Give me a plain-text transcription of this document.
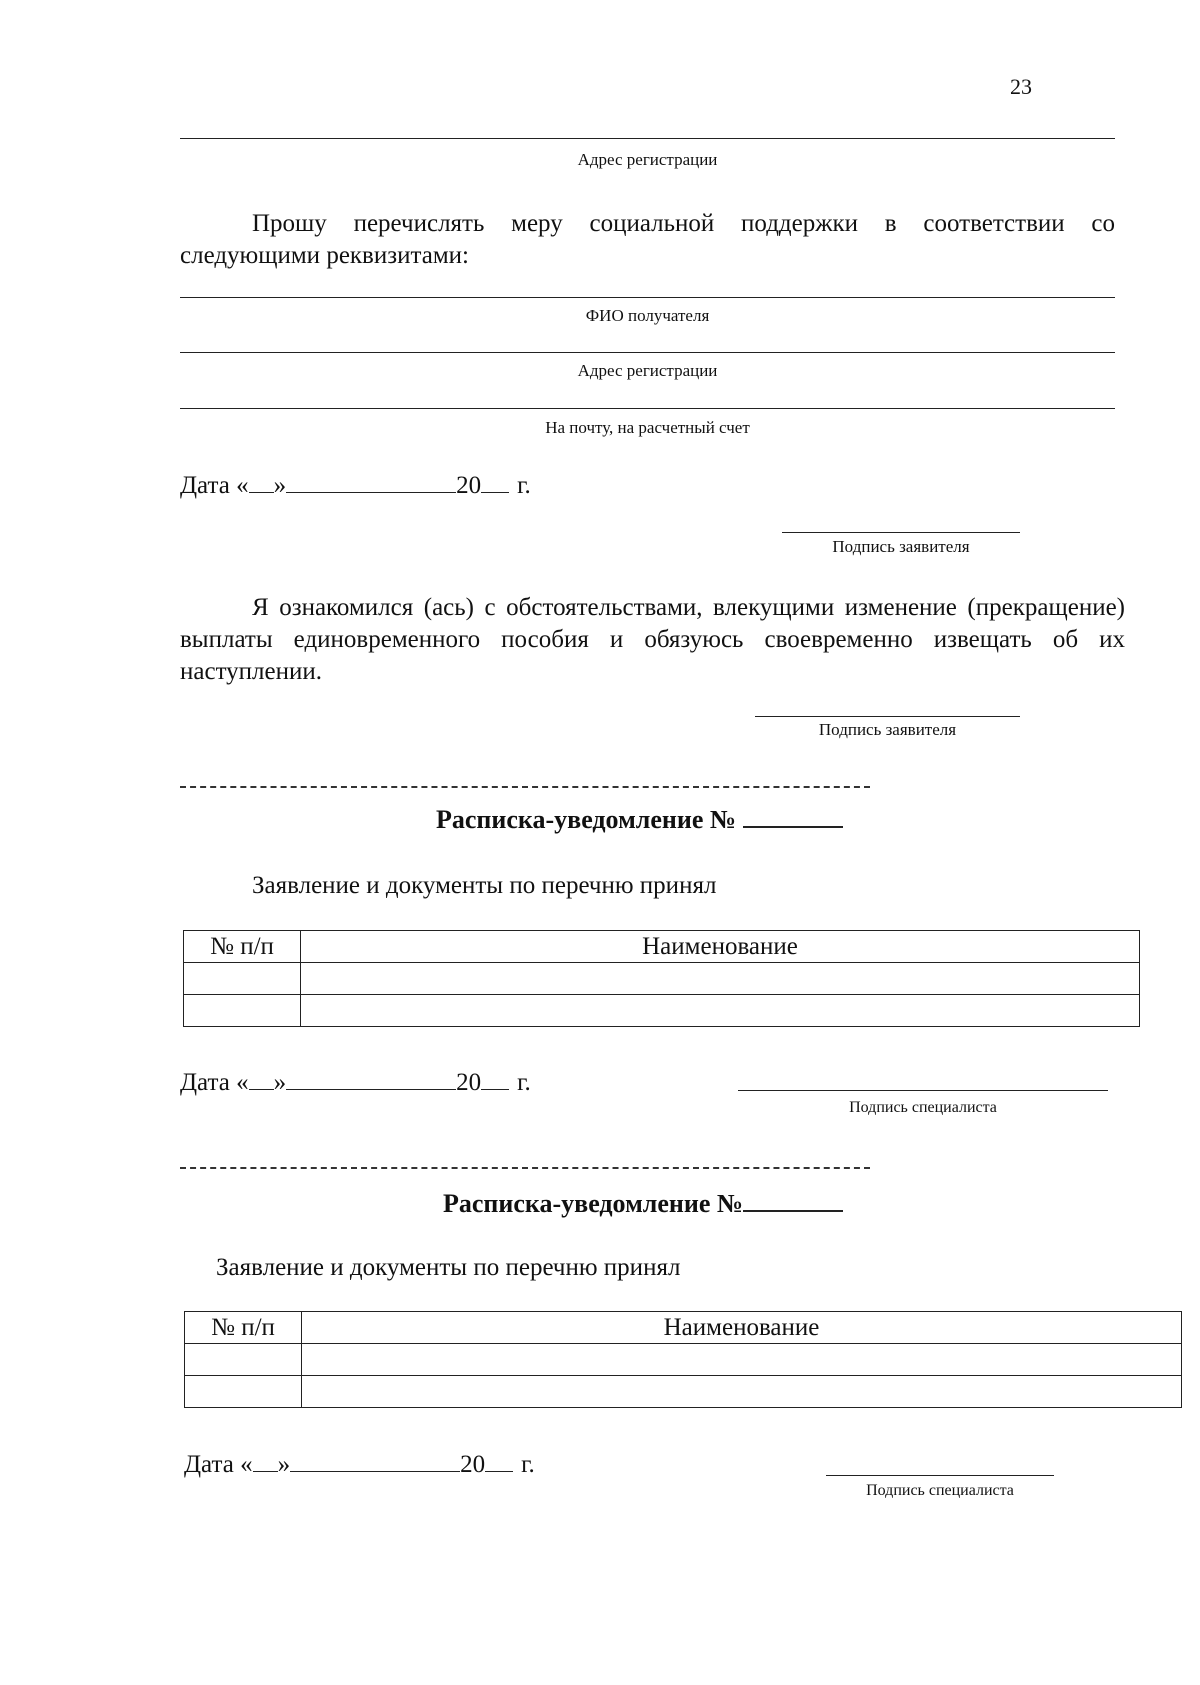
23
Адрес регистрации
Прошу перечислять меру социальной поддержки в соответствии со следующими реквизитами:
ФИО получателя
Адрес регистрации
На почту, на расчетный счет
Дата « »	20 г.
Подпись заявителя
Я ознакомился (ась) с обстоятельствами, влекущими изменение (прекращение) выплаты единовременного пособия и обязуюсь своевременно извещать об их наступлении.
Подпись заявителя
Расписка-уведомление №
Заявление и документы по перечню принял
№ п/п	Наименование

Дата « »	20 г.
Подпись специалиста
Расписка-уведомление №
Заявление и документы по перечню принял
№ п/п	Наименование

Дата « »	20 г.
Подпись специалиста
